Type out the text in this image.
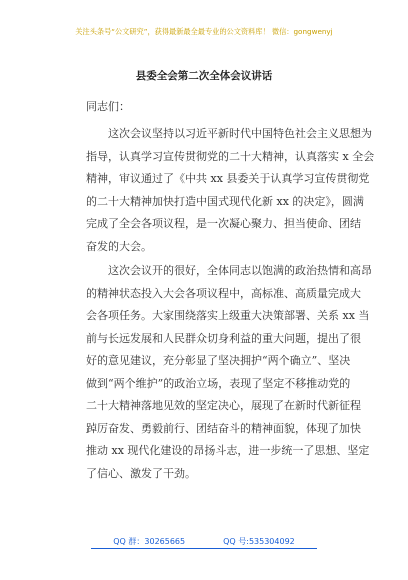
关注头条号“公文研究”，获得最新最全最专业的公文资料库！ 微信：gongwenyj
县委全会第二次全体会议讲话
同志们：
这次会议坚持以习近平新时代中国特色社会主义思想为
指导，认真学习宣传贯彻党的二十大精神，认真落实 x 全会
精神，审议通过了《中共 xx 县委关于认真学习宣传贯彻党
的二十大精神加快打造中国式现代化新 xx 的决定》，圆满
完成了全会各项议程，是一次凝心聚力、担当使命、团结
奋发的大会。
这次会议开的很好，全体同志以饱满的政治热情和高昂
的精神状态投入大会各项议程中，高标准、高质量完成大
会各项任务。大家围绕落实上级重大决策部署、关系 xx 当
前与长远发展和人民群众切身利益的重大问题，提出了很
好的意见建议，充分彰显了坚决拥护“两个确立”、坚决
做到“两个维护”的政治立场，表现了坚定不移推动党的
二十大精神落地见效的坚定决心，展现了在新时代新征程
踔厉奋发、勇毅前行、团结奋斗的精神面貌，体现了加快
推动 xx 现代化建设的昂扬斗志，进一步统一了思想、坚定
了信心、激发了干劲。
QQ 群：30265665	QQ 号:535304092
